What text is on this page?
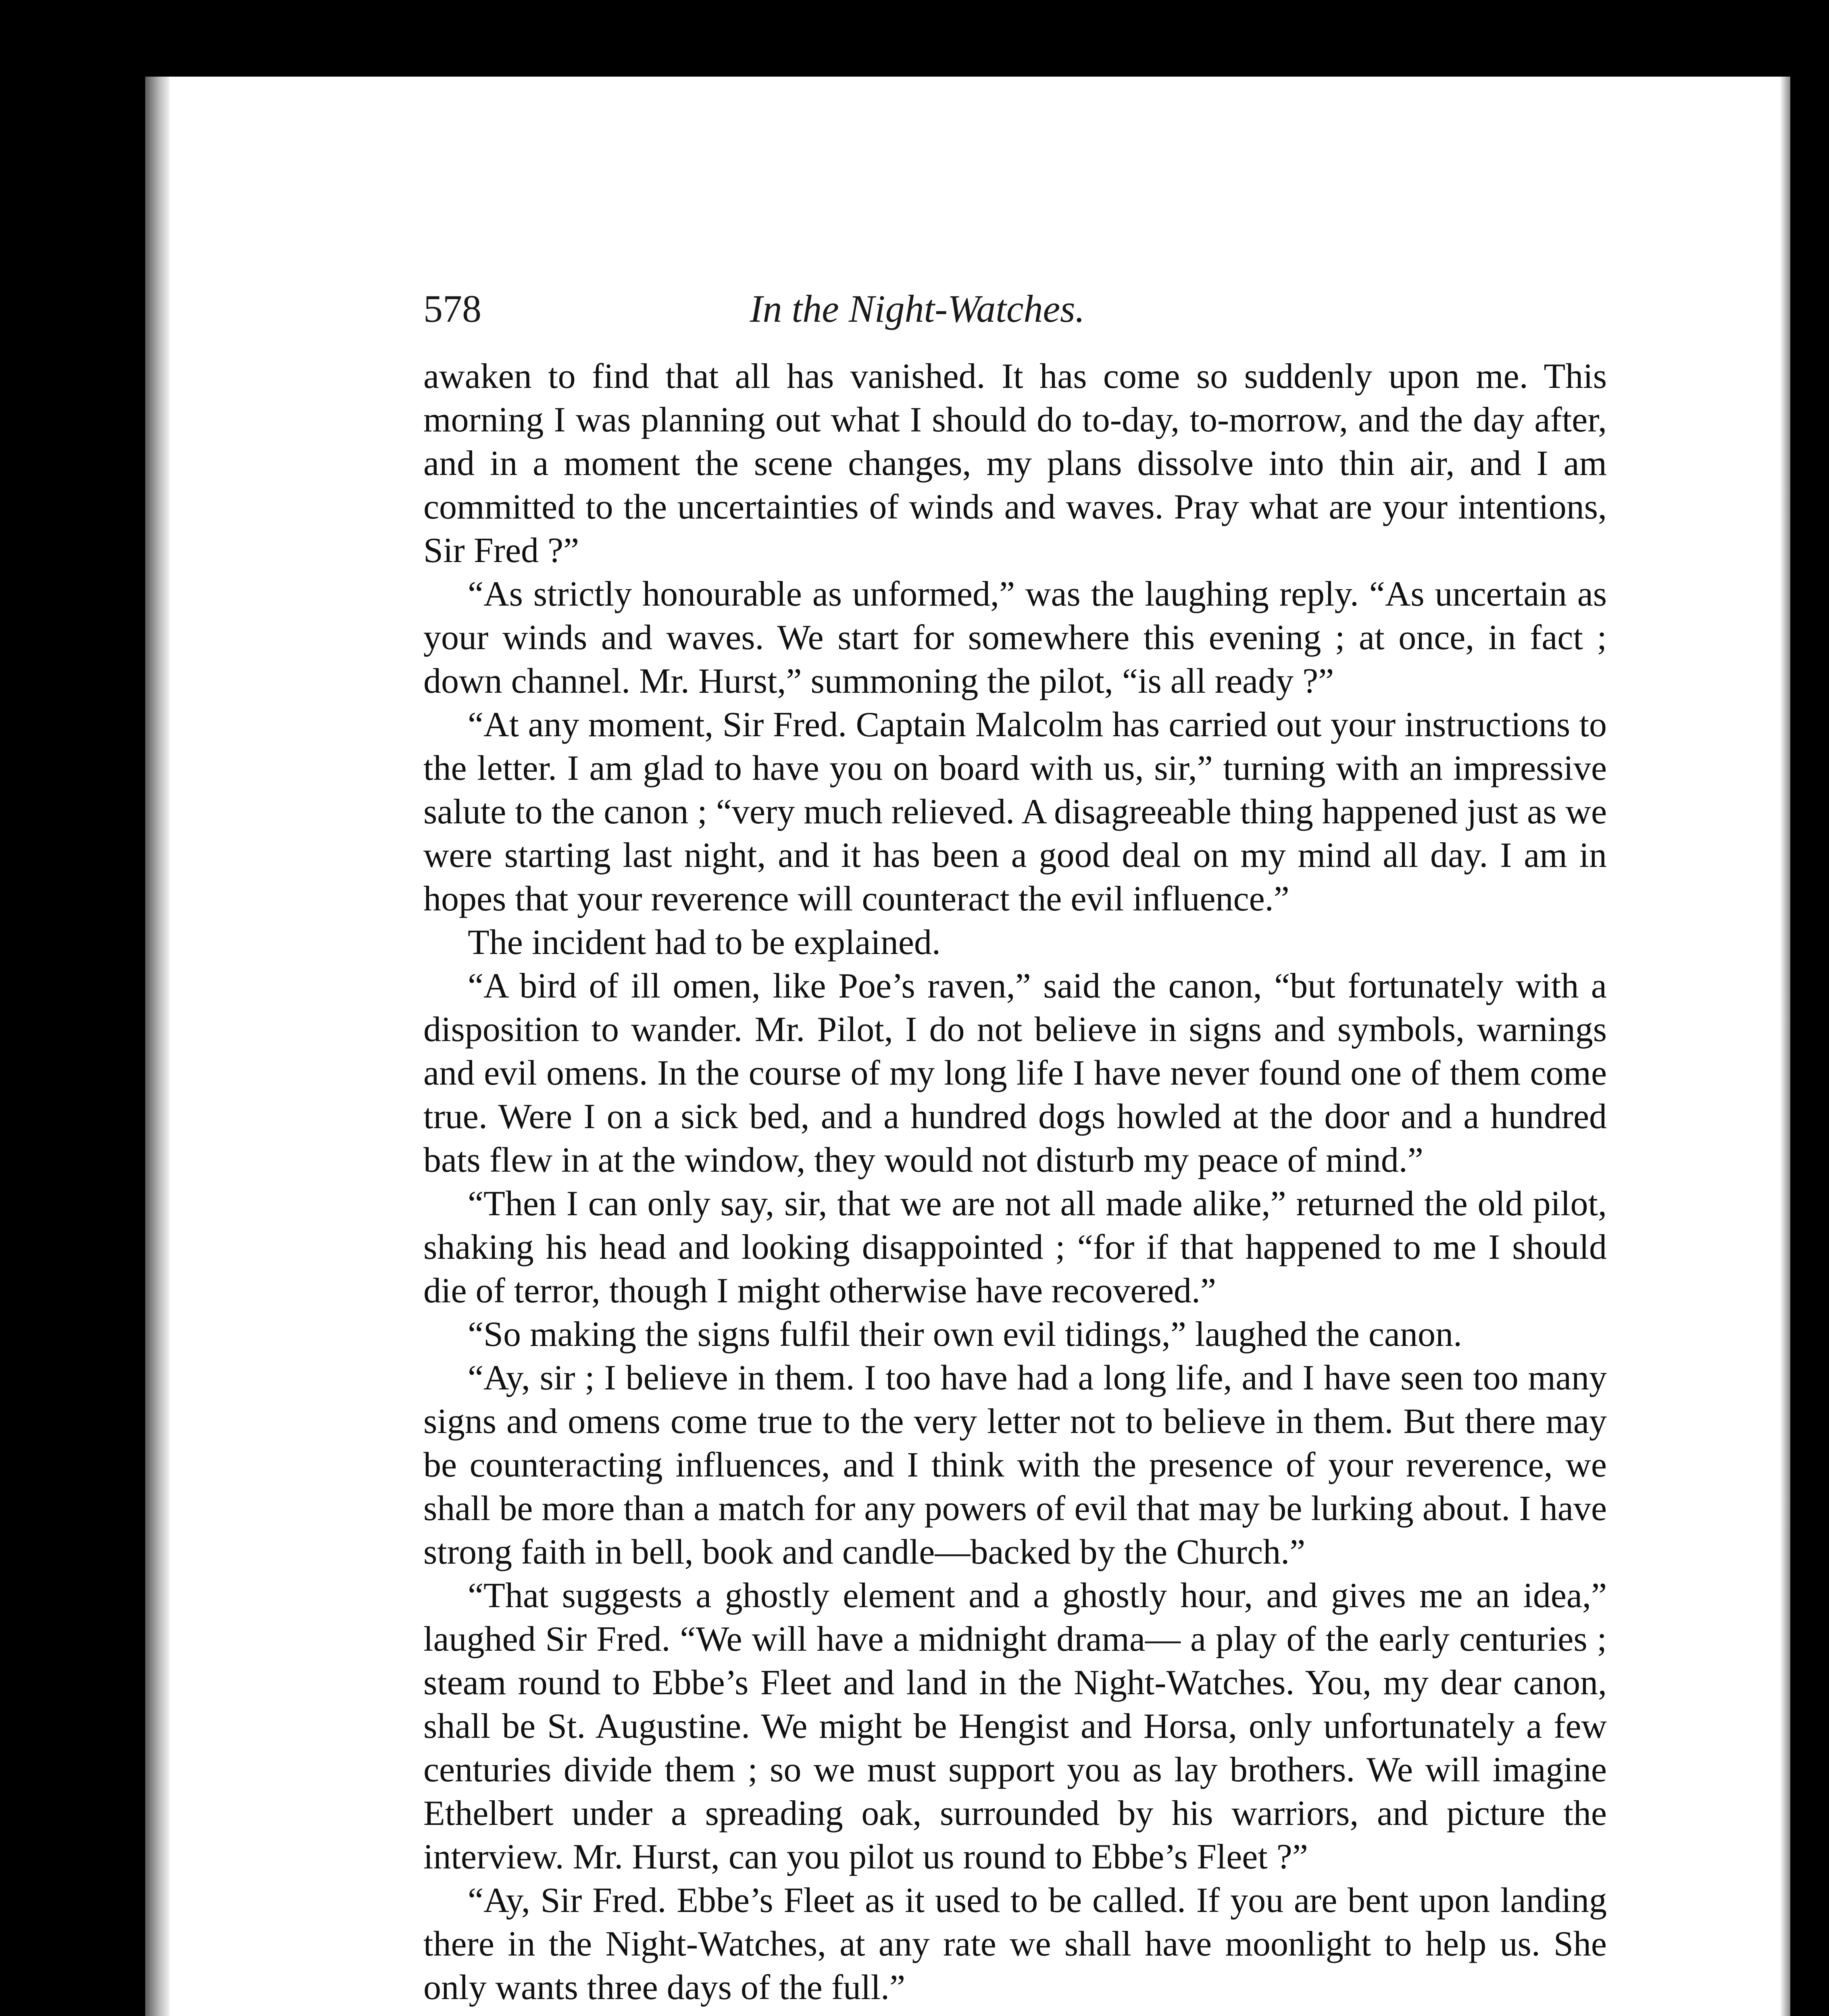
578	In the Night-Watches.

awaken to find that all has vanished. It has come so suddenly upon me. This morning I was planning out what I should do to-day, to-morrow, and the day after, and in a moment the scene changes, my plans dissolve into thin air, and I am committed to the uncertainties of winds and waves. Pray what are your intentions, Sir Fred ?”

“As strictly honourable as unformed,” was the laughing reply. “As uncertain as your winds and waves. We start for somewhere this evening ; at once, in fact ; down channel. Mr. Hurst,” summoning the pilot, “is all ready ?”

“At any moment, Sir Fred. Captain Malcolm has carried out your instructions to the letter. I am glad to have you on board with us, sir,” turning with an impressive salute to the canon ; “very much relieved. A disagreeable thing happened just as we were starting last night, and it has been a good deal on my mind all day. I am in hopes that your reverence will counteract the evil influence.”

The incident had to be explained.

“A bird of ill omen, like Poe’s raven,” said the canon, “but fortunately with a disposition to wander. Mr. Pilot, I do not believe in signs and symbols, warnings and evil omens. In the course of my long life I have never found one of them come true. Were I on a sick bed, and a hundred dogs howled at the door and a hundred bats flew in at the window, they would not disturb my peace of mind.”

“Then I can only say, sir, that we are not all made alike,” returned the old pilot, shaking his head and looking disappointed ; “for if that happened to me I should die of terror, though I might otherwise have recovered.”

“So making the signs fulfil their own evil tidings,” laughed the canon.

“Ay, sir ; I believe in them. I too have had a long life, and I have seen too many signs and omens come true to the very letter not to believe in them. But there may be counteracting influences, and I think with the presence of your reverence, we shall be more than a match for any powers of evil that may be lurking about. I have strong faith in bell, book and candle—backed by the Church.”

“That suggests a ghostly element and a ghostly hour, and gives me an idea,” laughed Sir Fred. “We will have a midnight drama— a play of the early centuries ; steam round to Ebbe’s Fleet and land in the Night-Watches. You, my dear canon, shall be St. Augustine. We might be Hengist and Horsa, only unfortunately a few centuries divide them ; so we must support you as lay brothers. We will imagine Ethelbert under a spreading oak, surrounded by his warriors, and picture the interview. Mr. Hurst, can you pilot us round to Ebbe’s Fleet ?”

“Ay, Sir Fred. Ebbe’s Fleet as it used to be called. If you are bent upon landing there in the Night-Watches, at any rate we shall have moonlight to help us. She only wants three days of the full.”
